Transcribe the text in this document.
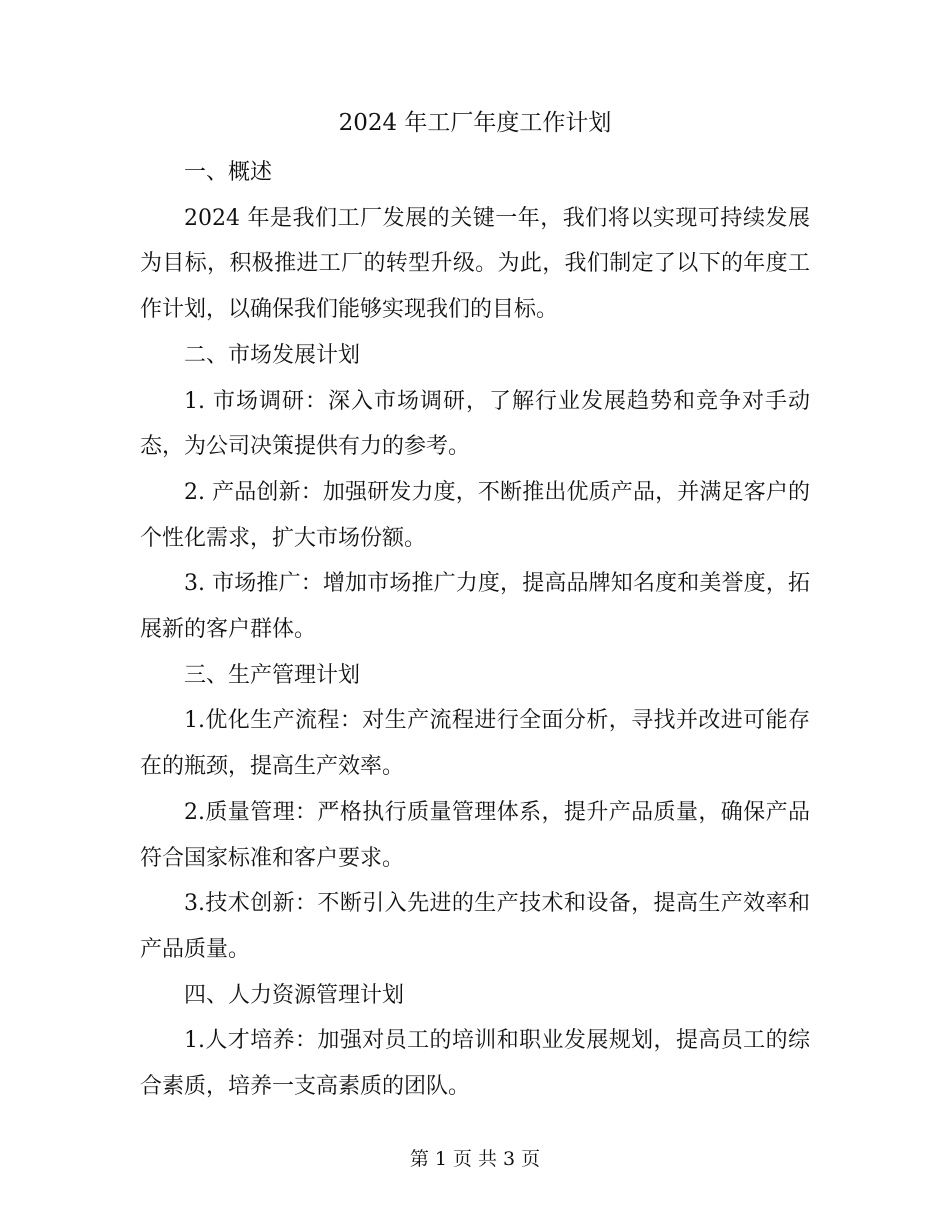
2024 年工厂年度工作计划

一、概述

2024 年是我们工厂发展的关键一年，我们将以实现可持续发展为目标，积极推进工厂的转型升级。为此，我们制定了以下的年度工作计划，以确保我们能够实现我们的目标。

二、市场发展计划

1. 市场调研：深入市场调研，了解行业发展趋势和竞争对手动态，为公司决策提供有力的参考。

2. 产品创新：加强研发力度，不断推出优质产品，并满足客户的个性化需求，扩大市场份额。

3. 市场推广：增加市场推广力度，提高品牌知名度和美誉度，拓展新的客户群体。

三、生产管理计划

1.优化生产流程：对生产流程进行全面分析，寻找并改进可能存在的瓶颈，提高生产效率。

2.质量管理：严格执行质量管理体系，提升产品质量，确保产品符合国家标准和客户要求。

3.技术创新：不断引入先进的生产技术和设备，提高生产效率和产品质量。

四、人力资源管理计划

1.人才培养：加强对员工的培训和职业发展规划，提高员工的综合素质，培养一支高素质的团队。

第 1 页 共 3 页
